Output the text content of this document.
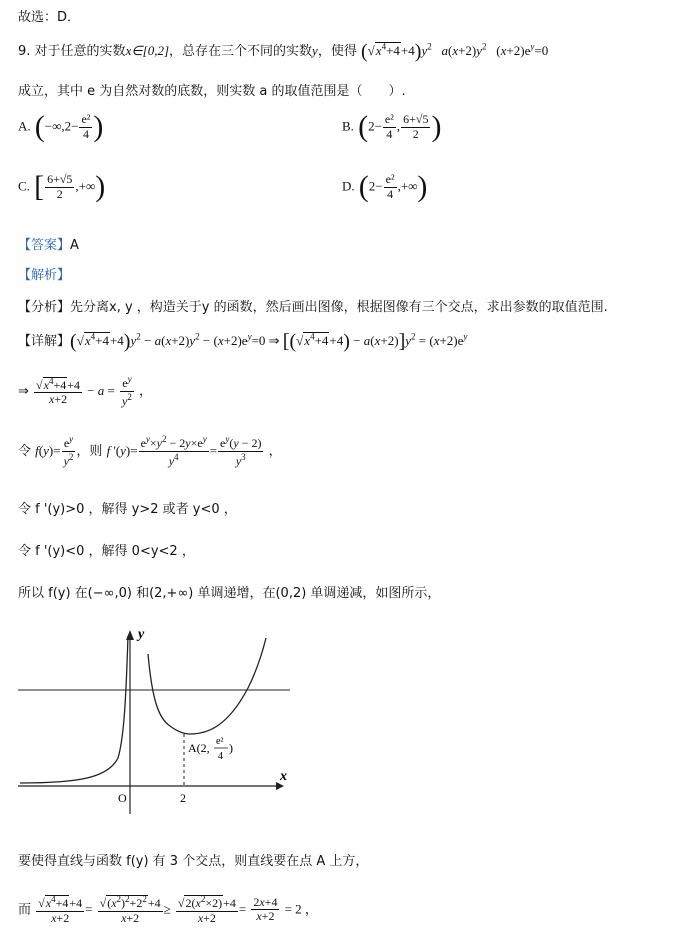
故选：D．
9. 对于任意的实数x∈[0,2]，总存在三个不同的实数y，使得 $(√x^4+4+4)y^2$ $a(x+2)y^2$   $(x+2)e^y=0$
成立，其中 e 为自然对数的底数，则实数 a 的取值范围是（　　）.
A. ($-\infty,2- \frac{\text{e²}}{4}$ )	B. ($2- \frac{\text{e²}}{4}$ , $\frac{6+√5}{2}$ )
C. [ $\frac{6+√5}{2}$ ,+∞)	D. ($2- \frac{\text{e²}}{4}$ ,+∞)
【答案】A
【解析】
【分析】先分离x, y ，构造关于y 的函数，然后画出图像，根据图像有三个交点，求出参数的取值范围.
【详解】$(√x^4+4+4)y^2 - a(x+2)y^2 - (x+2)e^y=0$ ⇒ $[(√x^4+4+4) - a(x+2)]y^2 = (x+2)e^y$
⇒ $\frac{√x^4+4+4}{x+2} - a = \frac{e^y}{y^2}$ ，
令 $f(y)= \frac{e^y}{y^2}$ ，则 f '$(y)= \frac{e^y\times y^2 - 2y\times e^y}{y^4} = \frac{e^y(y - 2)}{y^3}$ ，
令 f '(y)>0 ，解得 y>2 或者 y<0 ，
令 f '(y)<0 ，解得 0<y<2 ，
所以 f(y) 在(−∞,0) 和(2,+∞) 单调递增，在(0,2) 单调递减，如图所示，
y
x
O	2
A(2, e²
4
)
要使得直线与函数 f(y) 有 3 个交点，则直线要在点 A 上方，
而 $\frac{√x^4+4+4}{x+2} = \frac{√(x^2)^2+2^2+4}{x+2} \ge \frac{√2(x^2\times 2)+4}{x+2} = \frac{2x+4}{x+2} = 2$ ，
